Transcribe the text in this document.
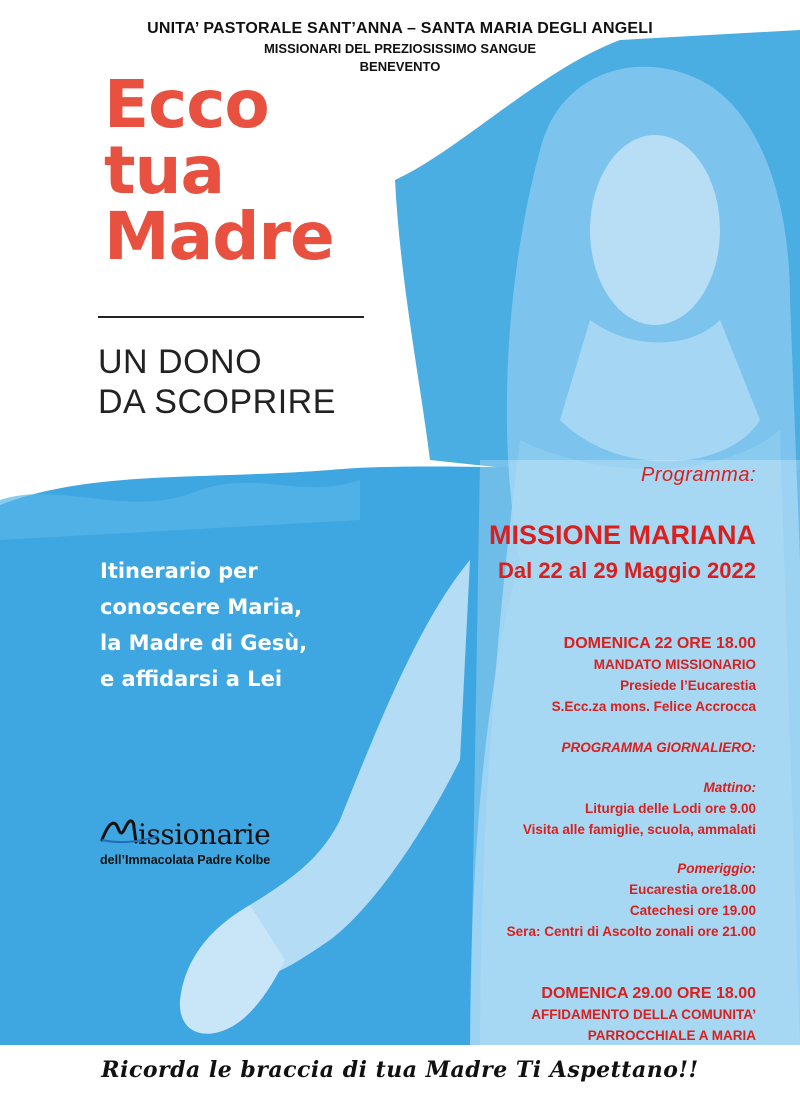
UNITA’ PASTORALE SANT’ANNA – SANTA MARIA DEGLI ANGELI
MISSIONARI DEL PREZIOSISSIMO SANGUE
BENEVENTO
Ecco
tua
Madre
UN DONO
DA SCOPRIRE
Itinerario per
conoscere Maria,
la Madre di Gesù,
e affidarsi a Lei
issionarie
dell’Immacolata Padre Kolbe
Programma:
MISSIONE MARIANA
Dal 22 al 29 Maggio 2022
DOMENICA 22 ORE 18.00
MANDATO MISSIONARIO
Presiede l’Eucarestia
S.Ecc.za mons. Felice Accrocca
PROGRAMMA GIORNALIERO:
Mattino:
Liturgia delle Lodi ore 9.00
Visita alle famiglie, scuola, ammalati
Pomeriggio:
Eucarestia ore18.00
Catechesi ore 19.00
Sera: Centri di Ascolto zonali ore 21.00
DOMENICA 29.00 ORE 18.00
AFFIDAMENTO DELLA COMUNITA’
PARROCCHIALE A MARIA
Ricorda le braccia di tua Madre Ti Aspettano!!
